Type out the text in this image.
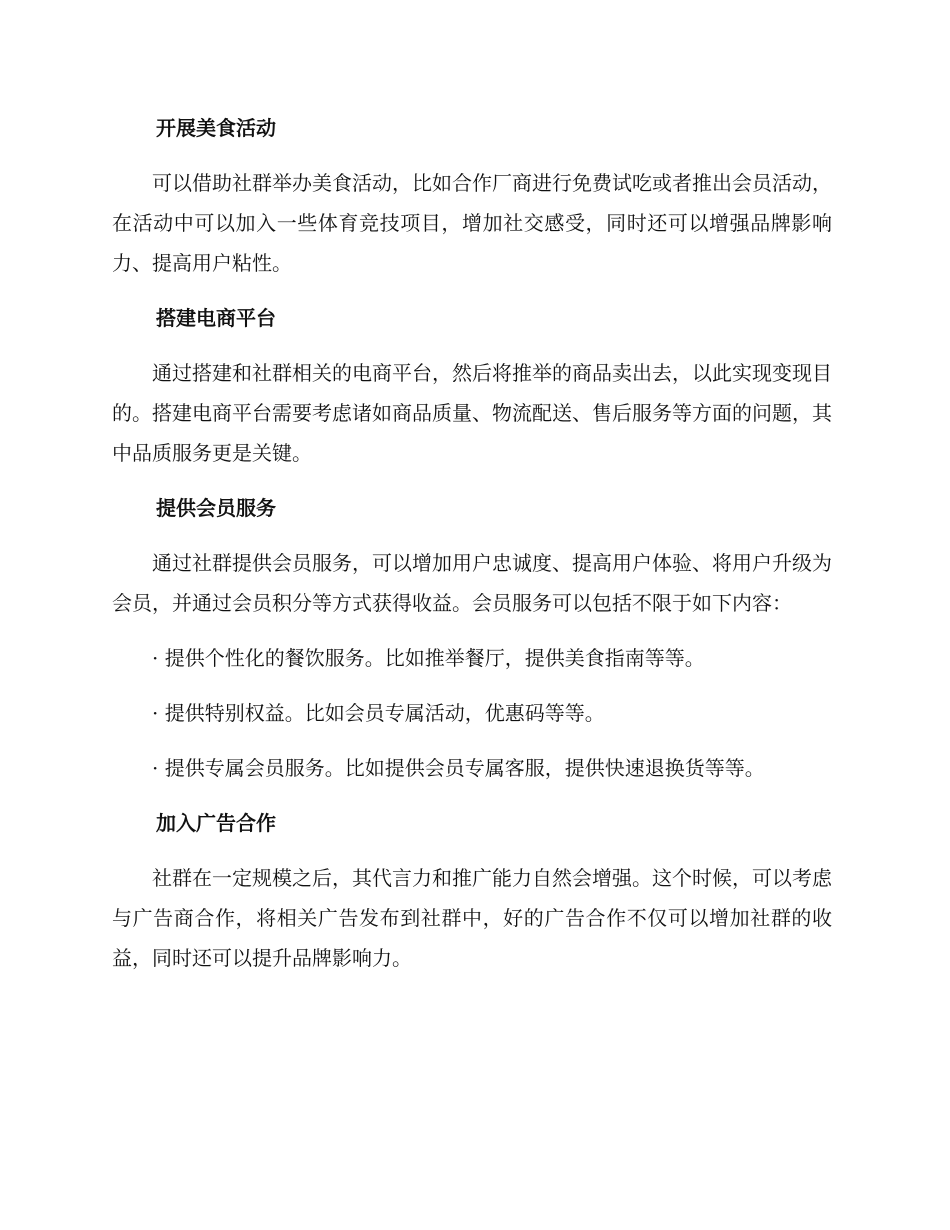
开展美食活动

可以借助社群举办美食活动，比如合作厂商进行免费试吃或者推出会员活动，在活动中可以加入一些体育竞技项目，增加社交感受，同时还可以增强品牌影响力、提高用户粘性。

搭建电商平台

通过搭建和社群相关的电商平台，然后将推举的商品卖出去，以此实现变现目的。搭建电商平台需要考虑诸如商品质量、物流配送、售后服务等方面的问题，其中品质服务更是关键。

提供会员服务

通过社群提供会员服务，可以增加用户忠诚度、提高用户体验、将用户升级为会员，并通过会员积分等方式获得收益。会员服务可以包括不限于如下内容：

· 提供个性化的餐饮服务。比如推举餐厅，提供美食指南等等。

· 提供特别权益。比如会员专属活动，优惠码等等。

· 提供专属会员服务。比如提供会员专属客服，提供快速退换货等等。

加入广告合作

社群在一定规模之后，其代言力和推广能力自然会增强。这个时候，可以考虑与广告商合作，将相关广告发布到社群中，好的广告合作不仅可以增加社群的收益，同时还可以提升品牌影响力。
